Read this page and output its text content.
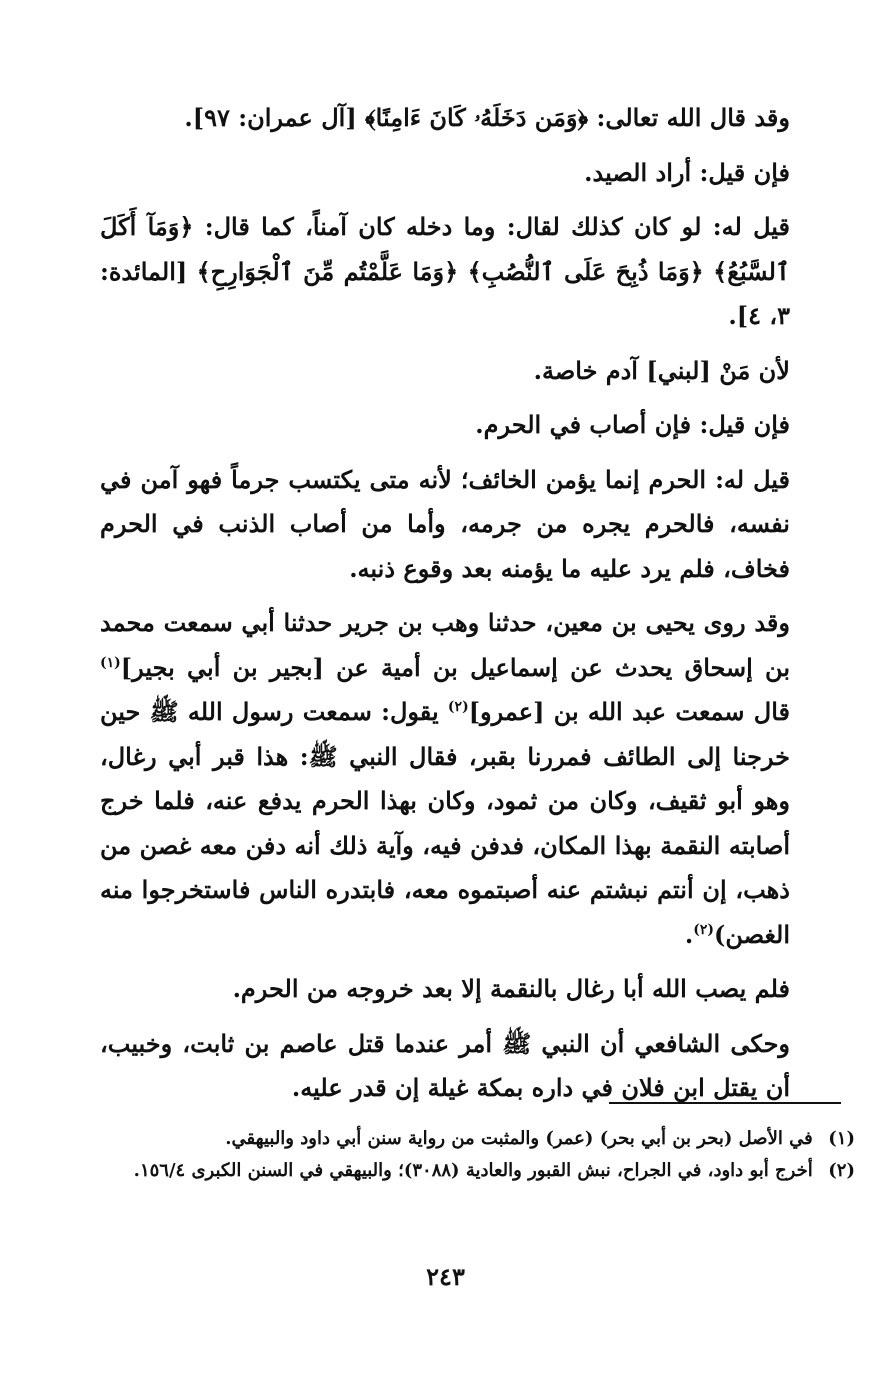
وقد قال الله تعالى: ﴿وَمَن دَخَلَهُۥ كَانَ ءَامِنًا﴾ [آل عمران: ٩٧].

فإن قيل: أراد الصيد.

قيل له: لو كان كذلك لقال: وما دخله كان آمناً، كما قال: ﴿وَمَآ أَكَلَ ٱلسَّبُعُ﴾ ﴿وَمَا ذُبِحَ عَلَى ٱلنُّصُبِ﴾ ﴿وَمَا عَلَّمْتُم مِّنَ ٱلْجَوَارِحِ﴾ [المائدة: ٣، ٤].

لأن مَنْ [لبني] آدم خاصة.

فإن قيل: فإن أصاب في الحرم.

قيل له: الحرم إنما يؤمن الخائف؛ لأنه متى يكتسب جرماً فهو آمن في نفسه، فالحرم يجره من جرمه، وأما من أصاب الذنب في الحرم فخاف، فلم يرد عليه ما يؤمنه بعد وقوع ذنبه.

وقد روى يحيى بن معين، حدثنا وهب بن جرير حدثنا أبي سمعت محمد بن إسحاق يحدث عن إسماعيل بن أمية عن [بجير بن أبي بجير]$^{(١)}$ قال سمعت عبد الله بن [عمرو]$^{(٢)}$ يقول: سمعت رسول الله ﷺ حين خرجنا إلى الطائف فمررنا بقبر، فقال النبي ﷺ: هذا قبر أبي رغال، وهو أبو ثقيف، وكان من ثمود، وكان بهذا الحرم يدفع عنه، فلما خرج أصابته النقمة بهذا المكان، فدفن فيه، وآية ذلك أنه دفن معه غصن من ذهب، إن أنتم نبشتم عنه أصبتموه معه، فابتدره الناس فاستخرجوا منه الغصن)$^{(٢)}$.

فلم يصب الله أبا رغال بالنقمة إلا بعد خروجه من الحرم.

وحكى الشافعي أن النبي ﷺ أمر عندما قتل عاصم بن ثابت، وخبيب، أن يقتل ابن فلان في داره بمكة غيلة إن قدر عليه.

(١) في الأصل (بحر بن أبي بحر) (عمر) والمثبت من رواية سنن أبي داود والبيهقي.

(٢) أخرج أبو داود، في الجراح، نبش القبور والعادية (٣٠٨٨)؛ والبيهقي في السنن الكبرى ١٥٦/٤.

٢٤٣
